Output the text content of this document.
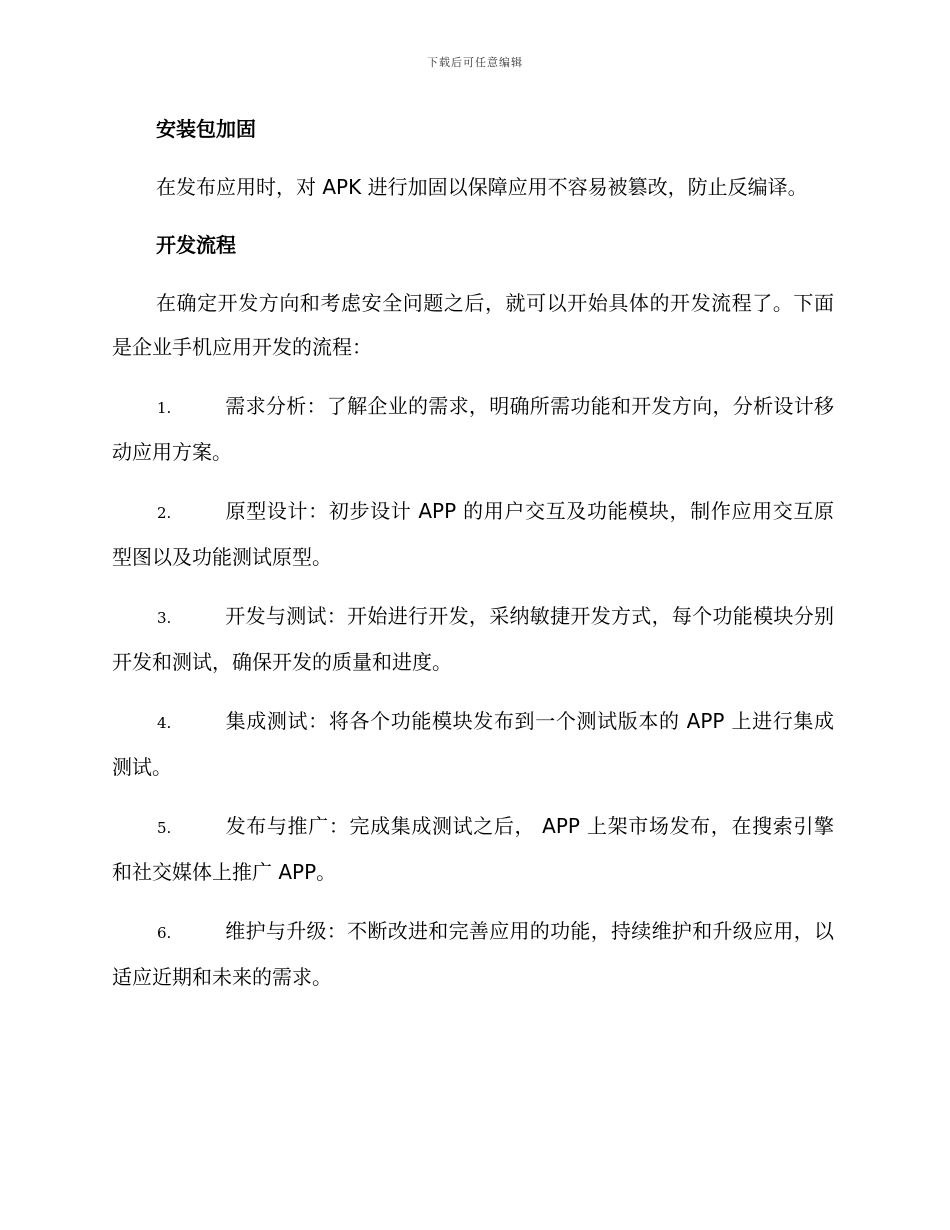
下载后可任意编辑
安装包加固

在发布应用时，对 APK 进行加固以保障应用不容易被篡改，防止反编译。

开发流程

在确定开发方向和考虑安全问题之后，就可以开始具体的开发流程了。下面是企业手机应用开发的流程：

1.	需求分析：了解企业的需求，明确所需功能和开发方向，分析设计移动应用方案。
2.	原型设计：初步设计 APP 的用户交互及功能模块，制作应用交互原型图以及功能测试原型。
3.	开发与测试：开始进行开发，采纳敏捷开发方式，每个功能模块分别开发和测试，确保开发的质量和进度。
4.	集成测试：将各个功能模块发布到一个测试版本的 APP 上进行集成测试。
5.	发布与推广：完成集成测试之后， APP 上架市场发布，在搜索引擎和社交媒体上推广 APP。
6.	维护与升级：不断改进和完善应用的功能，持续维护和升级应用，以适应近期和未来的需求。
